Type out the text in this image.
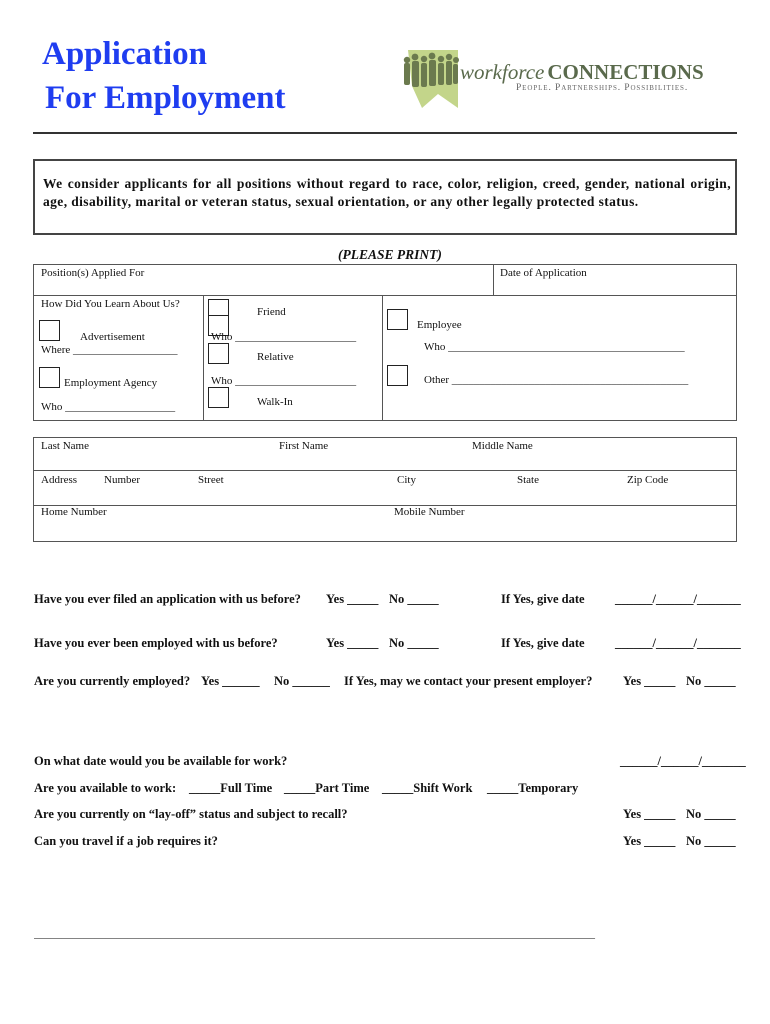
Application
For Employment
workforce CONNECTIONS
People. Partnerships. Possibilities.
We consider applicants for all positions without regard to race, color, religion, creed, gender, national origin, age, disability, marital or veteran status, sexual orientation, or any other legally protected status.
(PLEASE PRINT)
Position(s) Applied For	Date of Application
How Did You Learn About Us?
Advertisement
Where ___________________
Employment Agency
Who ____________________
Friend
Who ______________________
Relative
Who ______________________
Walk-In
Employee
Who ___________________________________________
Other ___________________________________________
Last Name	First Name	Middle Name
Address Number	Street	City	State	Zip Code
Home Number	Mobile Number
Have you ever filed an application with us before? Yes _____ No _____	If Yes, give date ______/______/_______
Have you ever been employed with us before?	Yes _____ No _____	If Yes, give date ______/______/_______
Are you currently employed? Yes ______ No ______ If Yes, may we contact your present employer? Yes _____ No _____
On what date would you be available for work?	______/______/_______
Are you available to work: _____Full Time _____Part Time _____Shift Work _____Temporary
Are you currently on “lay-off” status and subject to recall?	Yes _____ No _____
Can you travel if a job requires it?	Yes _____ No _____
______________________________________________________________________________________________________
